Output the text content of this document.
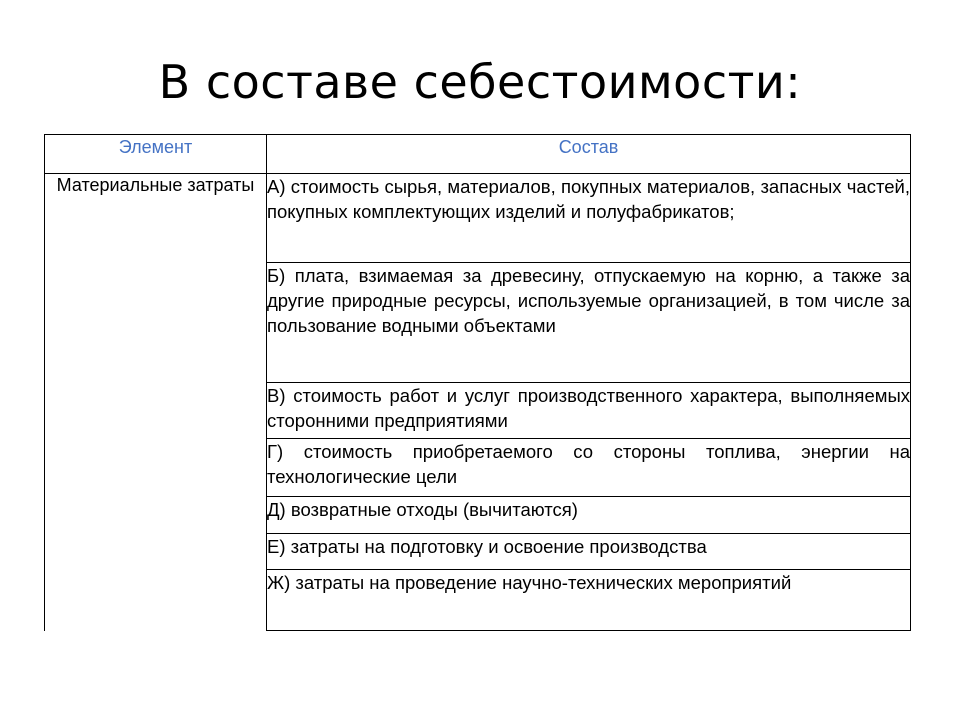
В составе себестоимости:
Элемент	Состав
Материальные затраты	А) стоимость сырья, материалов, покупных материалов, запасных частей, покупных комплектующих изделий и полуфабрикатов;
	Б) плата, взимаемая за древесину, отпускаемую на корню, а также за другие природные ресурсы, используемые организацией, в том числе за пользование водными объектами
	В) стоимость работ и услуг производственного характера, выполняемых сторонними предприятиями
	Г) стоимость приобретаемого со стороны топлива, энергии на технологические цели
	Д) возвратные отходы (вычитаются)
	Е) затраты на подготовку и освоение производства
	Ж) затраты на проведение научно-технических мероприятий
